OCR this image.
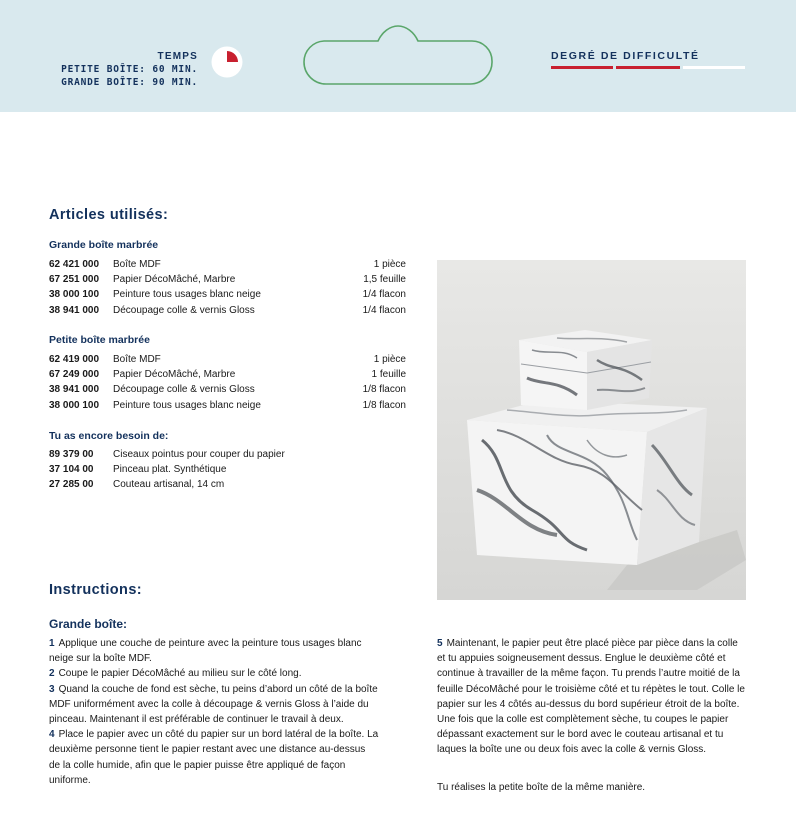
TEMPS
PETITE BOÎTE: 60 MIN.
GRANDE BOÎTE: 90 MIN.
DEGRÉ DE DIFFICULTÉ
Articles utilisés:
Grande boîte marbrée
62 421 000 Boîte MDF	1 pièce
67 251 000 Papier DécoMâché, Marbre	1,5 feuille
38 000 100 Peinture tous usages blanc neige	1/4 flacon
38 941 000 Découpage colle & vernis Gloss	1/4 flacon
Petite boîte marbrée
62 419 000 Boîte MDF	1 pièce
67 249 000 Papier DécoMâché, Marbre	1 feuille
38 941 000 Découpage colle & vernis Gloss	1/8 flacon
38 000 100 Peinture tous usages blanc neige	1/8 flacon
Tu as encore besoin de:
89 379 00 Ciseaux pointus pour couper du papier
37 104 00 Pinceau plat. Synthétique
27 285 00 Couteau artisanal, 14 cm
Instructions:
Grande boîte:

1 Applique une couche de peinture avec la peinture tous usages blanc neige sur la boîte MDF.

2 Coupe le papier DécoMâché au milieu sur le côté long.

3 Quand la couche de fond est sèche, tu peins d’abord un côté de la boîte MDF uniformément avec la colle à découpage & vernis Gloss à l’aide du pinceau. Maintenant il est préférable de continuer le travail à deux.

4 Place le papier avec un côté du papier sur un bord latéral de la boîte. La deuxième personne tient le papier restant avec une distance au-dessus de la colle humide, afin que le papier puisse être appliqué de façon uniforme.

5 Maintenant, le papier peut être placé pièce par pièce dans la colle et tu appuies soigneusement dessus. Englue le deuxième côté et continue à travailler de la même façon. Tu prends l’autre moitié de la feuille DécoMâché pour le troisième côté et tu répètes le tout. Colle le papier sur les 4 côtés au-dessus du bord supérieur étroit de la boîte. Une fois que la colle est complètement sèche, tu coupes le papier dépassant exactement sur le bord avec le couteau artisanal et tu laques la boîte une ou deux fois avec la colle & vernis Gloss.

Tu réalises la petite boîte de la même manière.
